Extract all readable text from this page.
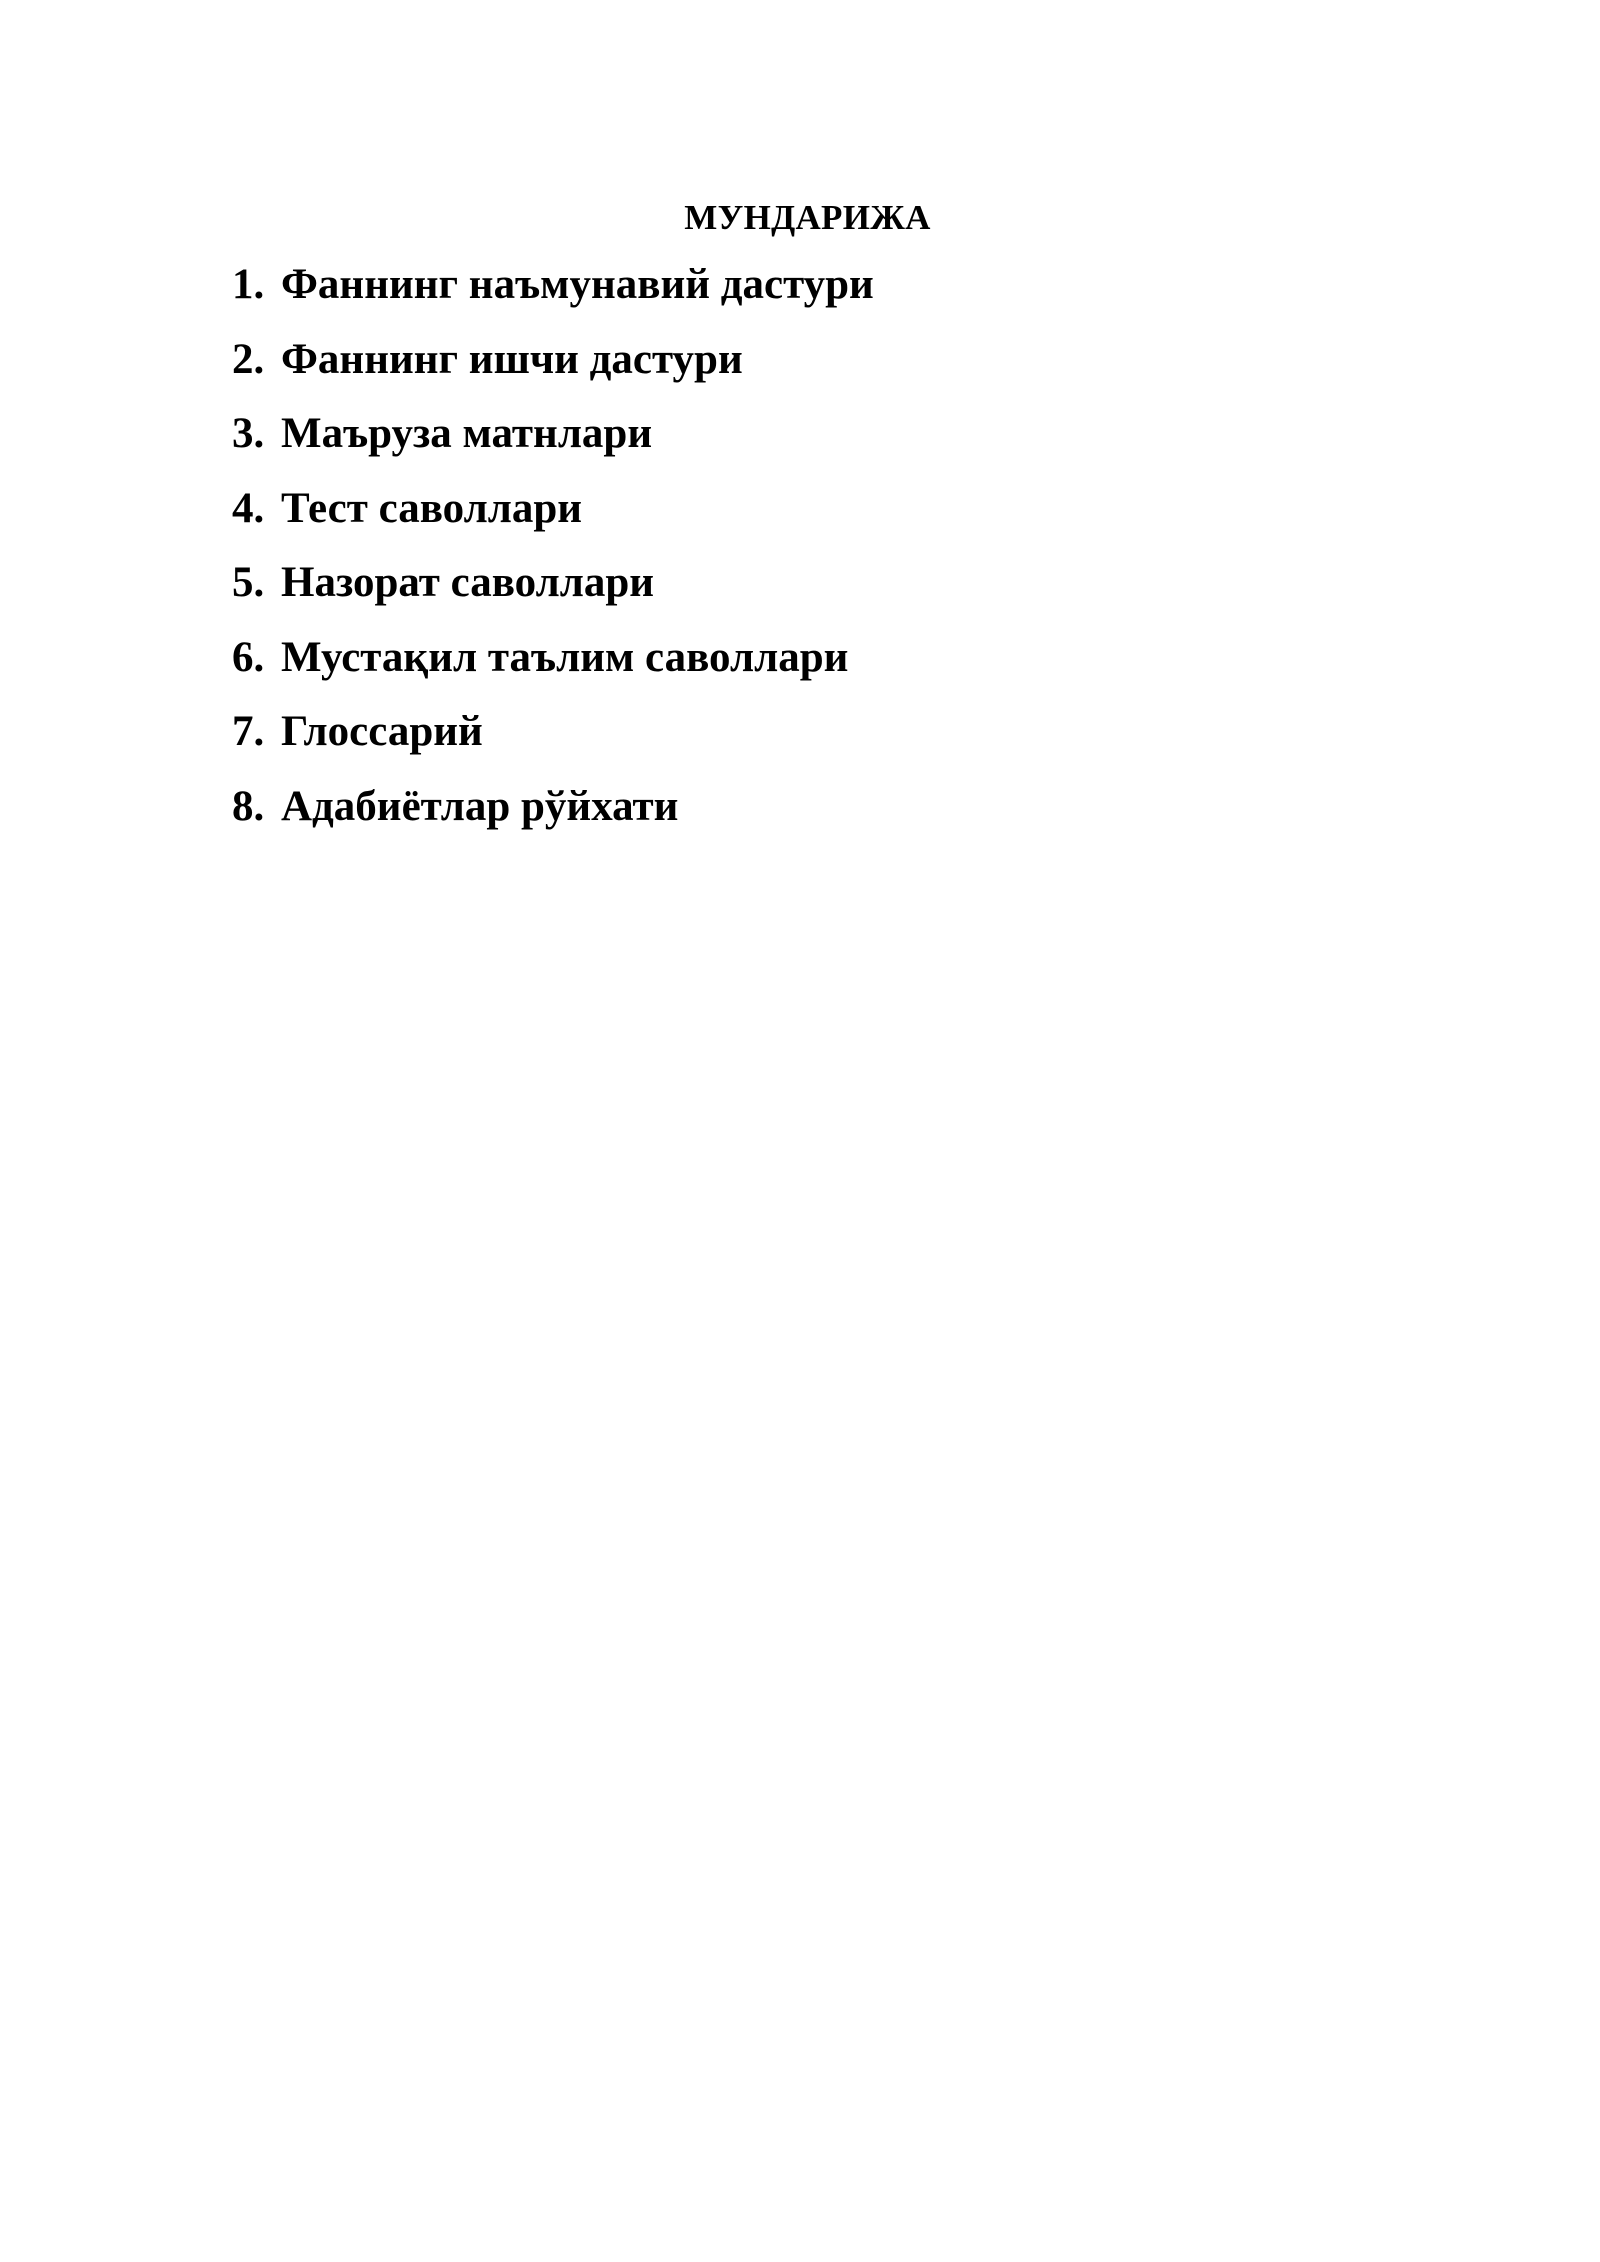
МУНДАРИЖА
1. Фаннинг наъмунавий дастури
2. Фаннинг ишчи дастури
3. Маъруза матнлари
4. Тест саволлари
5. Назорат саволлари
6. Мустақил таълим саволлари
7. Глоссарий
8. Адабиётлар рўйхати
